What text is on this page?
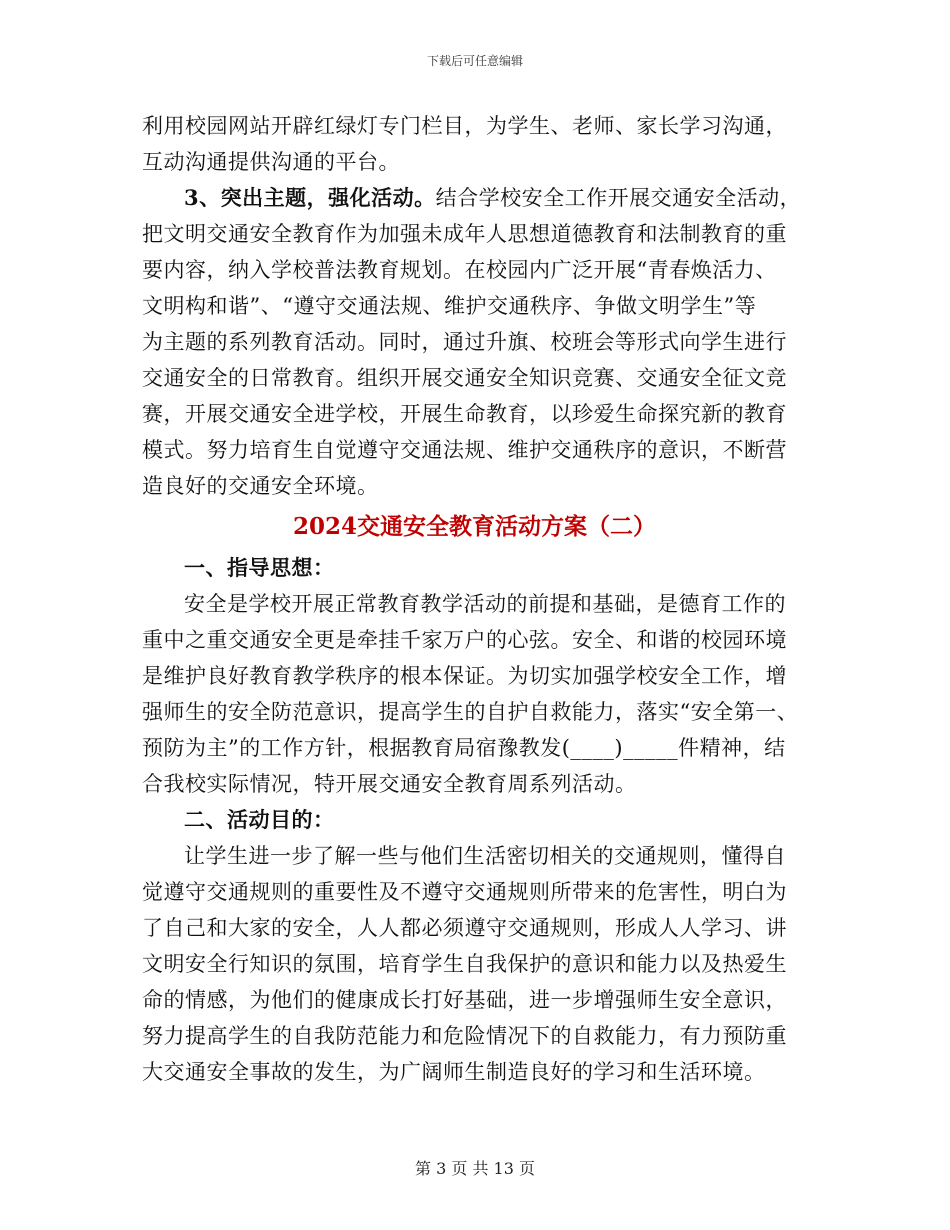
下载后可任意编辑
利用校园网站开辟红绿灯专门栏目，为学生、老师、家长学习沟通，
互动沟通提供沟通的平台。
3、突出主题，强化活动。结合学校安全工作开展交通安全活动，
把文明交通安全教育作为加强未成年人思想道德教育和法制教育的重
要内容，纳入学校普法教育规划。在校园内广泛开展“青春焕活力、
文明构和谐”、“遵守交通法规、维护交通秩序、争做文明学生”等
为主题的系列教育活动。同时，通过升旗、校班会等形式向学生进行
交通安全的日常教育。组织开展交通安全知识竞赛、交通安全征文竞
赛，开展交通安全进学校，开展生命教育，以珍爱生命探究新的教育
模式。努力培育生自觉遵守交通法规、维护交通秩序的意识，不断营
造良好的交通安全环境。
2024交通安全教育活动方案（二）
一、指导思想：
安全是学校开展正常教育教学活动的前提和基础，是德育工作的
重中之重交通安全更是牵挂千家万户的心弦。安全、和谐的校园环境
是维护良好教育教学秩序的根本保证。为切实加强学校安全工作，增
强师生的安全防范意识，提高学生的自护自救能力，落实“安全第一、
预防为主”的工作方针，根据教育局宿豫教发(____)_____件精神，结
合我校实际情况，特开展交通安全教育周系列活动。
二、活动目的：
让学生进一步了解一些与他们生活密切相关的交通规则，懂得自
觉遵守交通规则的重要性及不遵守交通规则所带来的危害性，明白为
了自己和大家的安全，人人都必须遵守交通规则，形成人人学习、讲
文明安全行知识的氛围，培育学生自我保护的意识和能力以及热爱生
命的情感，为他们的健康成长打好基础，进一步增强师生安全意识，
努力提高学生的自我防范能力和危险情况下的自救能力，有力预防重
大交通安全事故的发生，为广阔师生制造良好的学习和生活环境。
第 3 页 共 13 页
